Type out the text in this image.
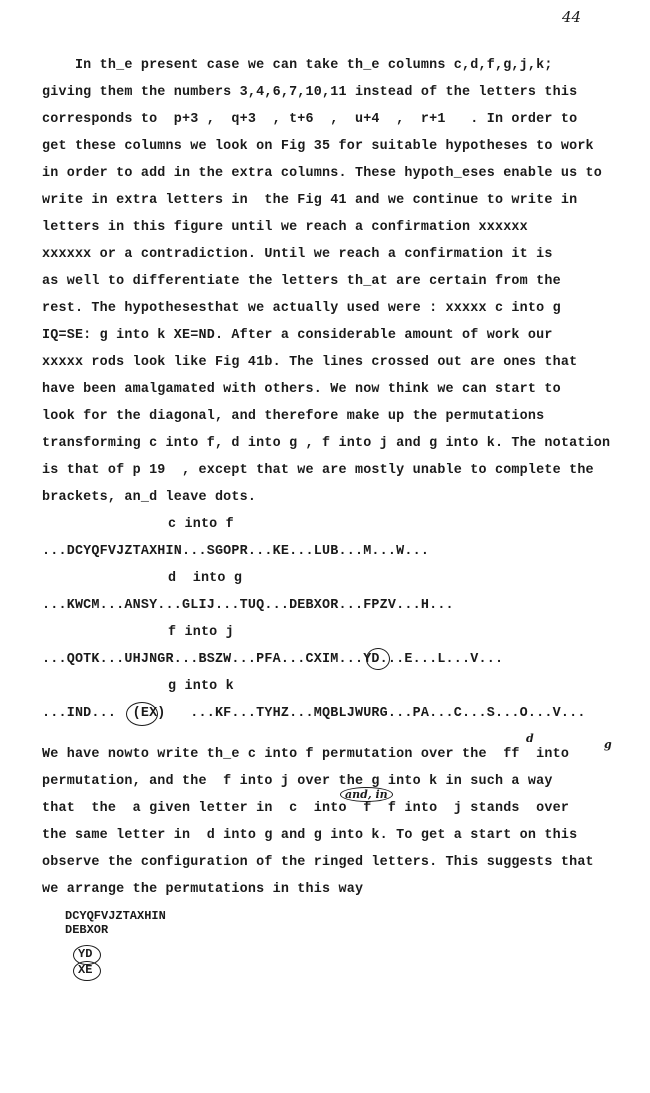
44
In th_e present case we can take th_e columns c,d,f,g,j,k;
giving them the numbers 3,4,6,7,10,11 instead of the letters this
corresponds to  p+3 ,  q+3  , t+6  ,  u+4  ,  r+1   . In order to
get these columns we look on Fig 35 for suitable hypotheses to work
in order to add in the extra columns. These hypoth_eses enable us to
write in extra letters in  the Fig 41 and we continue to write in
letters in this figure until we reach a confirmation xxxxxx
xxxxxx or a contradiction. Until we reach a confirmation it is
as well to differentiate the letters th_at are certain from the
rest. The hypothesesthat we actually used were : xxxxx c into g
IQ=SE: g into k XE=ND. After a considerable amount of work our
xxxxx rods look like Fig 41b. The lines crossed out are ones that
have been amalgamated with others. We now think we can start to
look for the diagonal, and therefore make up the permutations
transforming c into f, d into g , f into j and g into k. The notation
is that of p 19  , except that we are mostly unable to complete the
brackets, an_d leave dots.
c into f
...DCYQFVJZTAXHIN...SGOPR...KE...LUB...M...W...
d  into g
...KWCM...ANSY...GLIJ...TUQ...DEBXOR...FPZV...H...
f into j
...QOTK...UHJNGR...BSZW...PFA...CXIM...YD...E...L...V...
g into k
...IND...  (EX)   ...KF...TYHZ...MQBLJWURG...PA...C...S...O...V...
d	g
We have nowto write th_e c into f permutation over the  ff  into
and, in
permutation, and the  f into j over the g into k in such a way
that  the  a given letter in  c  into  f  f into  j stands  over
the same letter in  d into g and g into k. To get a start on this
observe the configuration of the ringed letters. This suggests that
we arrange the permutations in this way
DCYQFVJZTAXHIN
DEBXOR
YD
XE
